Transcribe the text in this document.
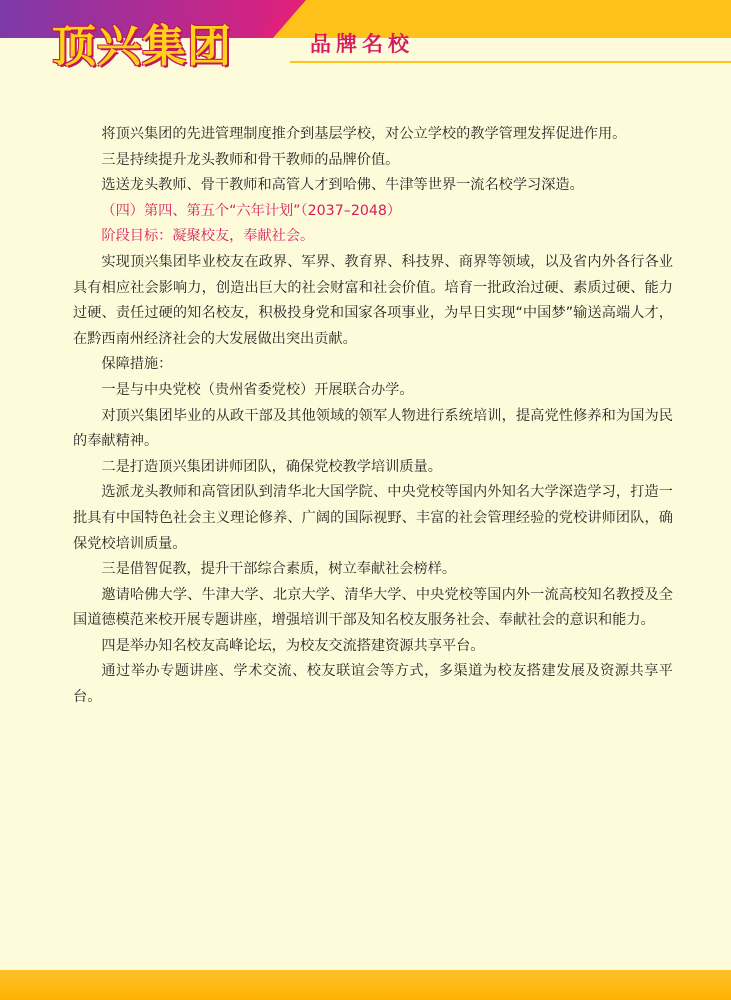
顶兴集团	品牌名校

将顶兴集团的先进管理制度推介到基层学校，对公立学校的教学管理发挥促进作用。

三是持续提升龙头教师和骨干教师的品牌价值。

选送龙头教师、骨干教师和高管人才到哈佛、牛津等世界一流名校学习深造。

（四）第四、第五个“六年计划”（2037–2048）

阶段目标：凝聚校友，奉献社会。

实现顶兴集团毕业校友在政界、军界、教育界、科技界、商界等领域，以及省内外各行各业具有相应社会影响力，创造出巨大的社会财富和社会价值。培育一批政治过硬、素质过硬、能力过硬、责任过硬的知名校友，积极投身党和国家各项事业，为早日实现“中国梦”输送高端人才，在黔西南州经济社会的大发展做出突出贡献。

保障措施：

一是与中央党校（贵州省委党校）开展联合办学。

对顶兴集团毕业的从政干部及其他领域的领军人物进行系统培训，提高党性修养和为国为民的奉献精神。

二是打造顶兴集团讲师团队，确保党校教学培训质量。

选派龙头教师和高管团队到清华北大国学院、中央党校等国内外知名大学深造学习，打造一批具有中国特色社会主义理论修养、广阔的国际视野、丰富的社会管理经验的党校讲师团队，确保党校培训质量。

三是借智促教，提升干部综合素质，树立奉献社会榜样。

邀请哈佛大学、牛津大学、北京大学、清华大学、中央党校等国内外一流高校知名教授及全国道德模范来校开展专题讲座，增强培训干部及知名校友服务社会、奉献社会的意识和能力。

四是举办知名校友高峰论坛，为校友交流搭建资源共享平台。

通过举办专题讲座、学术交流、校友联谊会等方式，多渠道为校友搭建发展及资源共享平台。
